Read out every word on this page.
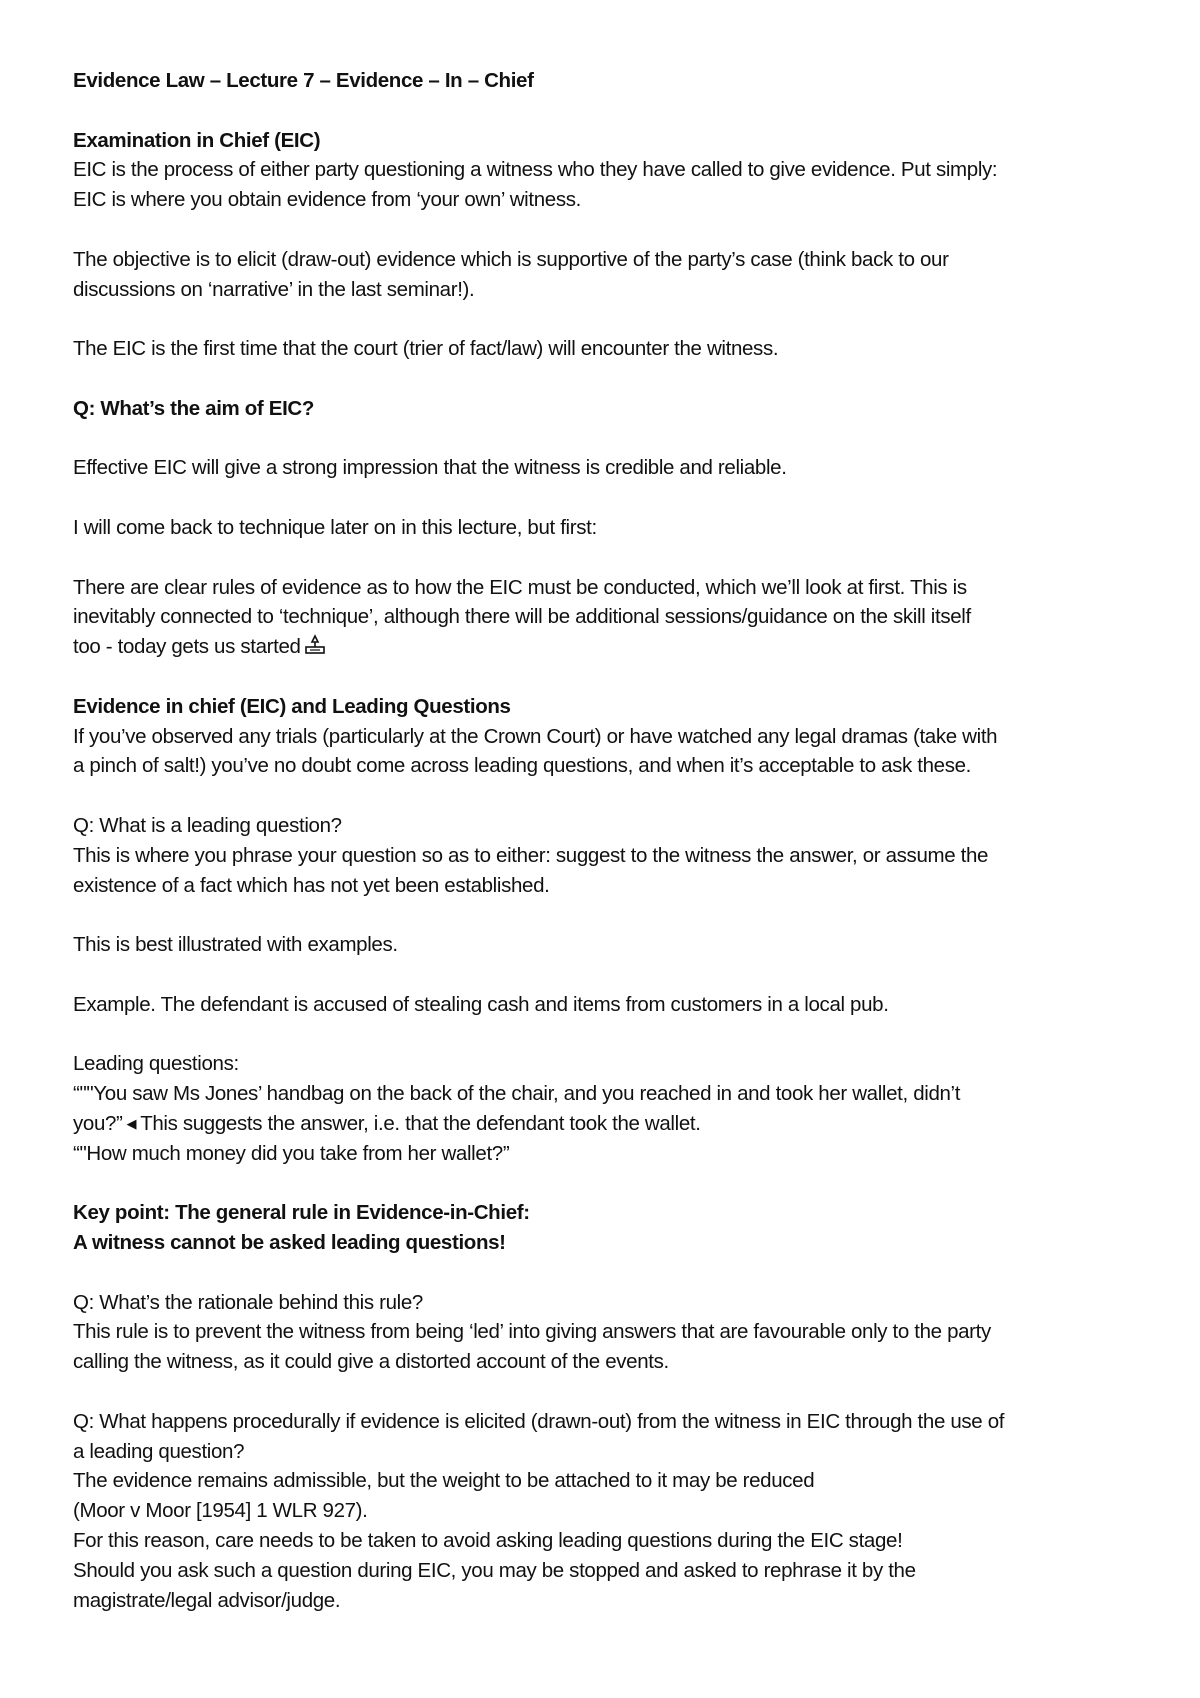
Evidence Law – Lecture 7 – Evidence – In – Chief
Examination in Chief (EIC)
EIC is the process of either party questioning a witness who they have called to give evidence. Put simply:
EIC is where you obtain evidence from ‘your own’ witness.
The objective is to elicit (draw-out) evidence which is supportive of the party’s case (think back to our
discussions on ‘narrative’ in the last seminar!).
The EIC is the first time that the court (trier of fact/law) will encounter the witness.
Q: What’s the aim of EIC?
Effective EIC will give a strong impression that the witness is credible and reliable.
I will come back to technique later on in this lecture, but first:
There are clear rules of evidence as to how the EIC must be conducted, which we’ll look at first. This is
inevitably connected to ‘technique’, although there will be additional sessions/guidance on the skill itself
too - today gets us started
Evidence in chief (EIC) and Leading Questions
If you’ve observed any trials (particularly at the Crown Court) or have watched any legal dramas (take with
a pinch of salt!) you’ve no doubt come across leading questions, and when it’s acceptable to ask these.
Q: What is a leading question?
This is where you phrase your question so as to either: suggest to the witness the answer, or assume the
existence of a fact which has not yet been established.
This is best illustrated with examples.
Example. The defendant is accused of stealing cash and items from customers in a local pub.
Leading questions:
“""You saw Ms Jones’ handbag on the back of the chair, and you reached in and took her wallet, didn’t
you?” ◀ This suggests the answer, i.e. that the defendant took the wallet.
“"How much money did you take from her wallet?”
Key point: The general rule in Evidence-in-Chief:
A witness cannot be asked leading questions!
Q: What’s the rationale behind this rule?
This rule is to prevent the witness from being ‘led’ into giving answers that are favourable only to the party
calling the witness, as it could give a distorted account of the events.
Q: What happens procedurally if evidence is elicited (drawn-out) from the witness in EIC through the use of
a leading question?
The evidence remains admissible, but the weight to be attached to it may be reduced
(Moor v Moor [1954] 1 WLR 927).
For this reason, care needs to be taken to avoid asking leading questions during the EIC stage!
Should you ask such a question during EIC, you may be stopped and asked to rephrase it by the
magistrate/legal advisor/judge.
